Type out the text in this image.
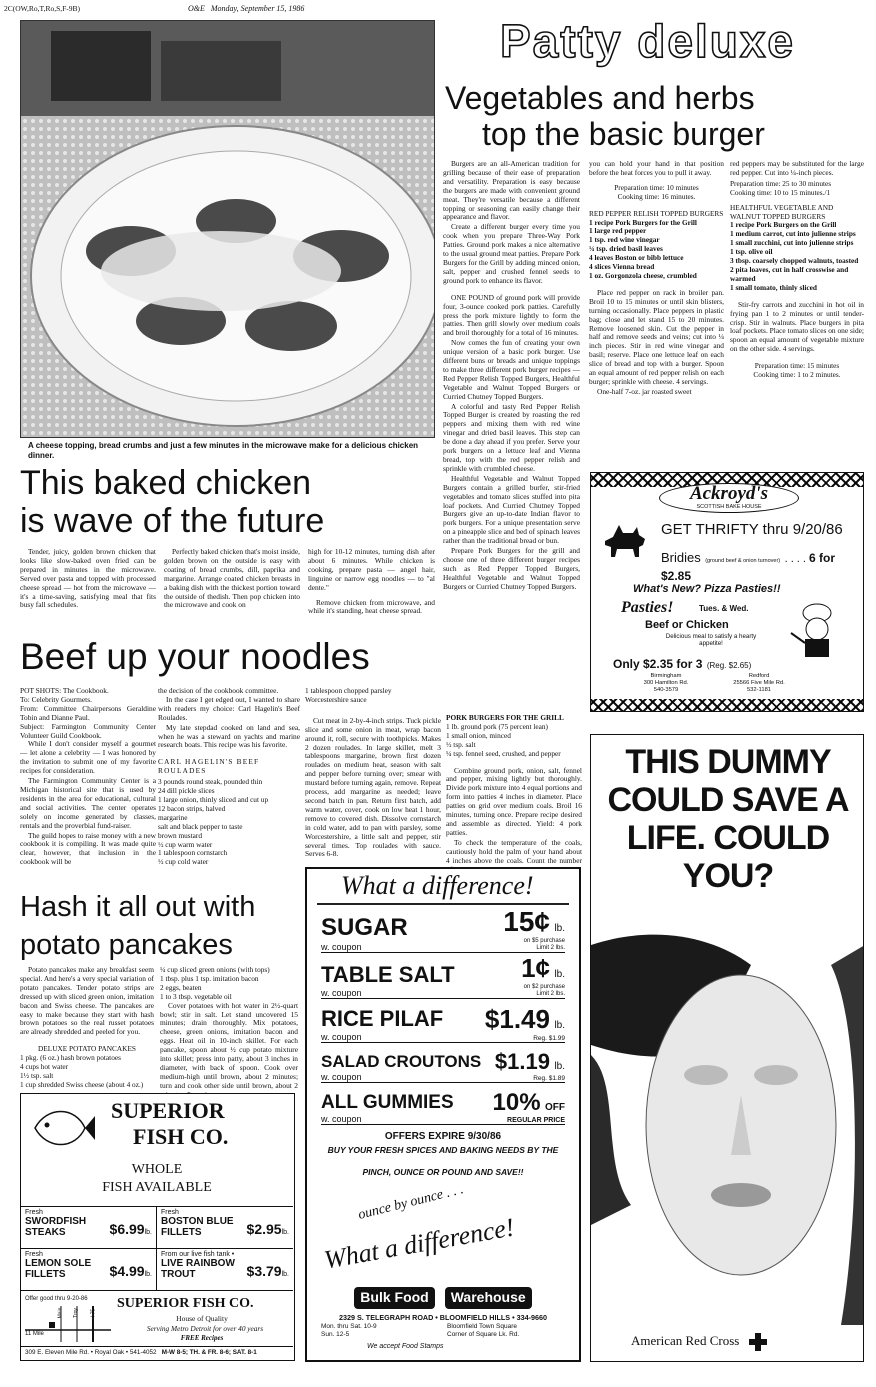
2C(OW,Ro,T,Ro,S,F-9B)	O&E Monday, September 15, 1986
A cheese topping, bread crumbs and just a few minutes in the microwave make for a delicious chicken dinner.
Patty deluxe
Vegetables and herbs
top the basic burger

Burgers are an all-American tradition for grilling because of their ease of preparation and versatility. Preparation is easy because the burgers are made with convenient ground meat. They're versatile because a different topping or seasoning can easily change their appearance and flavor.

Create a different burger every time you cook when you prepare Three-Way Pork Patties. Ground pork makes a nice alternative to the usual ground meat patties. Prepare Pork Burgers for the Grill by adding minced onion, salt, pepper and crushed fennel seeds to ground pork to enhance its flavor.

ONE POUND of ground pork will provide four, 3-ounce cooked pork patties. Carefully press the pork mixture lightly to form the patties. Then grill slowly over medium coals and broil thoroughly for a total of 16 minutes.

Now comes the fun of creating your own unique version of a basic pork burger. Use different buns or breads and unique toppings to make three different pork burger recipes — Red Pepper Relish Topped Burgers, Healthful Vegetable and Walnut Topped Burgers or Curried Chutney Topped Burgers.

A colorful and tasty Red Pepper Relish Topped Burger is created by roasting the red peppers and mixing them with red wine vinegar and dried basil leaves. This step can be done a day ahead if you prefer. Serve your pork burgers on a lettuce leaf and Vienna bread, top with the red pepper relish and sprinkle with crumbled cheese.

Healthful Vegetable and Walnut Topped Burgers contain a grilled burfer, stir-fried vegetables and tomato slices stuffed into pita loaf pockets. And Curried Chutney Topped Burgers give an up-to-date Indian flavor to pork burgers. For a unique presentation serve on a pineapple slice and bed of spinach leaves rather than the traditional bread or bun.

Prepare Pork Burgers for the grill and choose one of three different burger recipes such as Red Pepper Topped Burgers, Healthful Vegetable and Walnut Topped Burgers or Curried Chutney Topped Burgers.

you can hold your hand in that position before the heat forces you to pull it away.
Preparation time: 10 minutes
Cooking time: 16 minutes.
RED PEPPER RELISH TOPPED BURGERS
1 recipe Pork Burgers for the Grill
1 large red pepper
1 tsp. red wine vinegar
¼ tsp. dried basil leaves
4 leaves Boston or bibb lettuce
4 slices Vienna bread
1 oz. Gorgonzola cheese, crumbled

Place red pepper on rack in broiler pan. Broil 10 to 15 minutes or until skin blisters, turning occasionally. Place peppers in plastic bag; close and let stand 15 to 20 minutes. Remove loosened skin. Cut the pepper in half and remove seeds and veins; cut into ¼ inch pieces. Stir in red wine vinegar and basil; reserve. Place one lettuce leaf on each slice of bread and top with a burger. Spoon an equal amount of red pepper relish on each burger; sprinkle with cheese. 4 servings.

One-half 7-oz. jar roasted sweet

red peppers may be substituted for the large red pepper. Cut into ¼-inch pieces.
Preparation time: 25 to 30 minutes
Cooking time: 10 to 15 minutes./1
HEALTHFUL VEGETABLE AND WALNUT TOPPED BURGERS
1 recipe Pork Burgers on the Grill
1 medium carrot, cut into julienne strips
1 small zucchini, cut into julienne strips
1 tsp. olive oil
3 tbsp. coarsely chopped walnuts, toasted
2 pita loaves, cut in half crosswise and warmed
1 small tomato, thinly sliced
Stir-fry carrots and zucchini in hot oil in frying pan 1 to 2 minutes or until tender-crisp. Stir in walnuts. Place burgers in pita loaf pockets. Place tomato slices on one side; spoon an equal amount of vegetable mixture on the other side. 4 servings.
Preparation time: 15 minutes
Cooking time: 1 to 2 minutes.
This baked chicken
is wave of the future

Tender, juicy, golden brown chicken that looks like slow-baked oven fried can be prepared in minutes in the microwave. Served over pasta and topped with processed cheese spread — hot from the microwave — it's a time-saving, satisfying meal that fits busy fall schedules.

Perfectly baked chicken that's moist inside, golden brown on the outside is easy with coating of bread crumbs, dill, paprika and margarine. Arrange coated chicken breasts in a baking dish with the thickest portion toward the outside of thedish. Then pop chicken into the microwave and cook on

high for 10-12 minutes, turning dish after about 6 minutes. While chicken is cooking, prepare pasta — angel hair, linguine or narrow egg noodles — to "al dente."

Remove chicken from microwave, and while it's standing, heat cheese spread.

Beef up your noodles
POT SHOTS: The Cookbook.
To: Celebrity Gourmets.
From: Committee Chairpersons Geraldine Tobin and Dianne Paul.
Subject: Farmington Community Center Volunteer Guild Cookbook.

While I don't consider myself a gourmet — let alone a celebrity — I was honored by the invitation to submit one of my favorite recipes for consideration.

The Farmington Community Center is a Michigan historical site that is used by residents in the area for educational, cultural and social activities. The center operates solely on income generated by classes, rentals and the proverbial fund-raiser.

The guild hopes to raise money with a new cookbook it is compiling. It was made quite clear, however, that inclusion in the cookbook will be

the decision of the cookbook committee.

In the case I get edged out, I wanted to share with readers my choice: Carl Hagelin's Beef Roulades.

My late stepdad cooked on land and sea, when he was a steward on yachts and marine research boats. This recipe was his favorite.

CARL HAGELIN'S BEEF ROULADES
3 pounds round steak, pounded thin
24 dill pickle slices
1 large onion, thinly sliced and cut up
12 bacon strips, halved
margarine
salt and black pepper to taste
brown mustard
½ cup warm water
1 tablespoon cornstarch
½ cup cold water
1 tablespoon chopped parsley
Worcestershire sauce

Cut meat in 2-by-4-inch strips. Tuck pickle slice and some onion in meat, wrap bacon around it, roll, secure with toothpicks. Makes 2 dozen roulades. In large skillet, melt 3 tablespoons margarine, brown first dozen roulades on medium heat, season with salt and pepper before turning over; smear with mustard before turning again, remove. Repeat process, add margarine as needed; leave second batch in pan. Return first batch, add warm water, cover, cook on low heat 1 hour, remove to covered dish. Dissolve cornstarch in cold water, add to pan with parsley, some Worcestershire, a little salt and pepper, stir several times. Top roulades with sauce. Serves 6-8.

PORK BURGERS FOR THE GRILL
1 lb. ground pork (75 percent lean)
1 small onion, minced
½ tsp. salt
¼ tsp. fennel seed, crushed, and pepper

Combine ground pork, onion, salt, fennel and pepper, mixing lightly but thoroughly. Divide pork mixture into 4 equal portions and form into patties 4 inches in diameter. Place patties on grid over medium coals. Broil 16 minutes, turning once. Prepare recipe desired and assemble as directed. Yield: 4 pork patties.

To check the temperature of the coals, cautiously hold the palm of your hand about 4 inches above the coals. Count the number

Hash it all out with
potato pancakes

Potato pancakes make any breakfast seem special. And here's a very special variation of potato pancakes. Tender potato strips are dressed up with sliced green onion, imitation bacon and Swiss cheese. The pancakes are easy to make because they start with hash brown potatoes so the real russet potatoes are already shredded and peeled for you.

DELUXE POTATO PANCAKES
1 pkg. (6 oz.) hash brown potatoes
4 cups hot water
1½ tsp. salt
1 cup shredded Swiss cheese (about 4 oz.)
¼ cup sliced green onions (with tops)
1 tbsp. plus 1 tsp. imitation bacon
2 eggs, beaten
1 to 3 tbsp. vegetable oil

Cover potatoes with hot water in 2½-quart bowl; stir in salt. Let stand uncovered 15 minutes; drain thoroughly. Mix potatoes, cheese, green onions, imitation bacon and eggs. Heat oil in 10-inch skillet. For each pancake, spoon about ½ cup potato mixture into skillet; press into patty, about 3 inches in diameter, with back of spoon. Cook over medium-high until brown, about 2 minutes; turn and cook other side until brown, about 2

Ackroyd's
SCOTTISH BAKE HOUSE
GET THRIFTY thru 9/20/86
Bridies (ground beef & onion turnover) . . . . 6 for $2.85
What's New? Pizza Pasties!!
Pasties!	Tues. & Wed.
Beef or Chicken
Delicious meal to satisfy a hearty appetite!
Only $2.35 for 3 (Reg. $2.65)
Birmingham
300 Hamilton Rd.
540-3579
Redford
25566 Five Mile Rd.
532-1181
THIS DUMMY COULD SAVE A LIFE. COULD YOU?
American Red Cross
What a difference!
SUGAR
w. coupon
15¢ lb.
on $5 purchase
Limit 2 lbs.
TABLE SALT
w. coupon
1¢ lb.
on $2 purchase
Limit 2 lbs.
RICE PILAF
w. coupon
$1.49 lb.
Reg. $1.99
SALAD CROUTONS
w. coupon
$1.19 lb.
Reg. $1.89
ALL GUMMIES
w. coupon
10% OFF
REGULAR PRICE
OFFERS EXPIRE 9/30/86
BUY YOUR FRESH SPICES AND BAKING NEEDS BY THE
PINCH, OUNCE OR POUND AND SAVE!!
ounce by ounce . . .
What a difference!
Bulk Food	Warehouse
2329 S. TELEGRAPH ROAD • BLOOMFIELD HILLS • 334-9660
Mon. thru Sat. 10-9
Sun. 12-5
Bloomfield Town Square
Corner of Square Lk. Rd.
We accept Food Stamps
SUPERIOR
FISH CO.
WHOLE
FISH AVAILABLE
Fresh
SWORDFISH STEAKS	$6.99lb.
Fresh
BOSTON BLUE FILLETS	$2.95lb.
Fresh
LEMON SOLE FILLETS	$4.99lb.
From our live fish tank •
LIVE RAINBOW TROUT	$3.79lb.
Offer good thru 9-20-86 SUPERIOR FISH CO.
House of Quality
Serving Metro Detroit for over 40 years
FREE Recipes
11 Mile
Main Troy I-75
309 E. Eleven Mile Rd. • Royal Oak • 541-4052 M-W 8-5; TH. & FR. 8-6; SAT. 8-1
